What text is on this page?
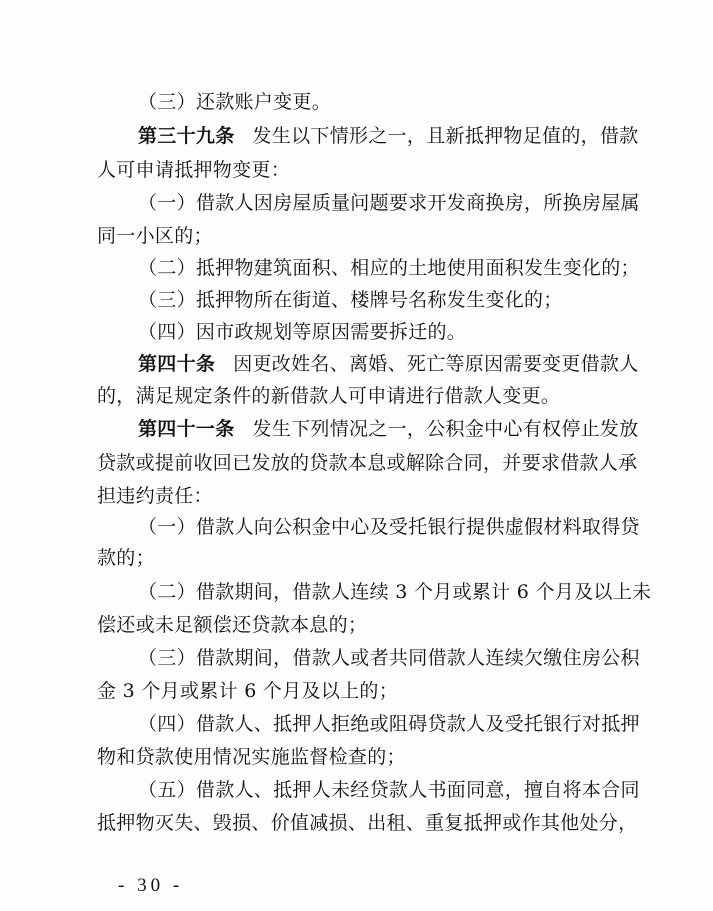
（三）还款账户变更。
第三十九条 发生以下情形之一，且新抵押物足值的，借款
人可申请抵押物变更：
（一）借款人因房屋质量问题要求开发商换房，所换房屋属
同一小区的；
（二）抵押物建筑面积、相应的土地使用面积发生变化的；
（三）抵押物所在街道、楼牌号名称发生变化的；
（四）因市政规划等原因需要拆迁的。
第四十条 因更改姓名、离婚、死亡等原因需要变更借款人
的，满足规定条件的新借款人可申请进行借款人变更。
第四十一条 发生下列情况之一，公积金中心有权停止发放
贷款或提前收回已发放的贷款本息或解除合同，并要求借款人承
担违约责任：
（一）借款人向公积金中心及受托银行提供虚假材料取得贷
款的；
（二）借款期间，借款人连续 3 个月或累计 6 个月及以上未
偿还或未足额偿还贷款本息的；
（三）借款期间，借款人或者共同借款人连续欠缴住房公积
金 3 个月或累计 6 个月及以上的；
（四）借款人、抵押人拒绝或阻碍贷款人及受托银行对抵押
物和贷款使用情况实施监督检查的；
（五）借款人、抵押人未经贷款人书面同意，擅自将本合同
抵押物灭失、毁损、价值减损、出租、重复抵押或作其他处分，
- 30 -
